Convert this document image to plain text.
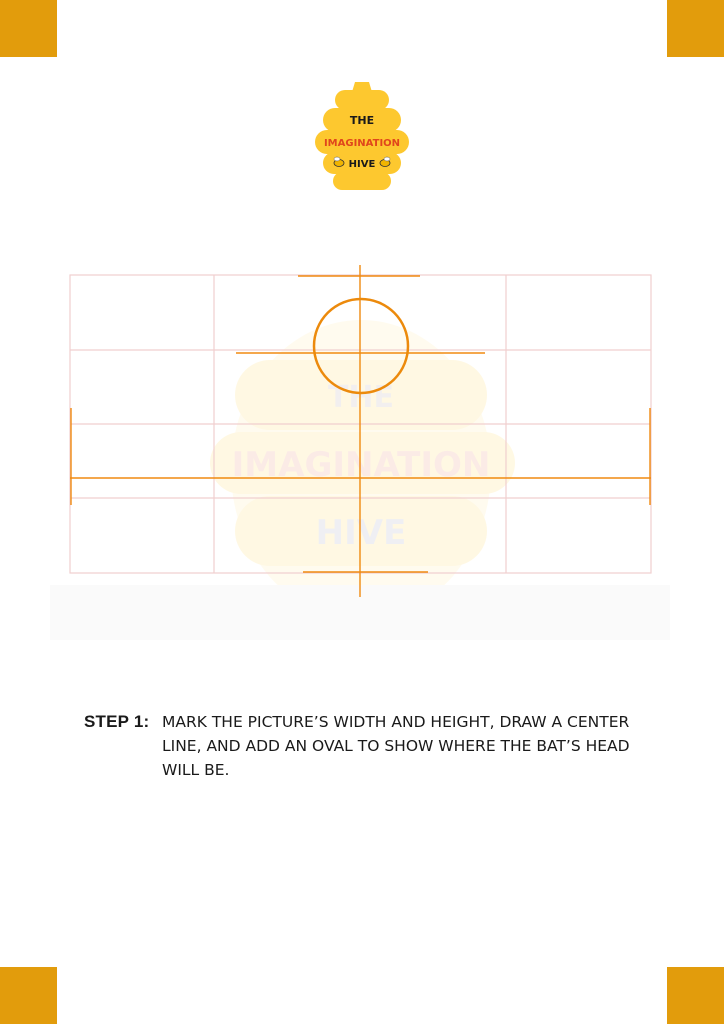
THE
IMAGINATION
HIVE
THE
IMAGINATION
HIVE
STEP 1: MARK THE PICTURE’S WIDTH AND HEIGHT, DRAW A CENTER LINE, AND ADD AN OVAL TO SHOW WHERE THE BAT’S HEAD WILL BE.
